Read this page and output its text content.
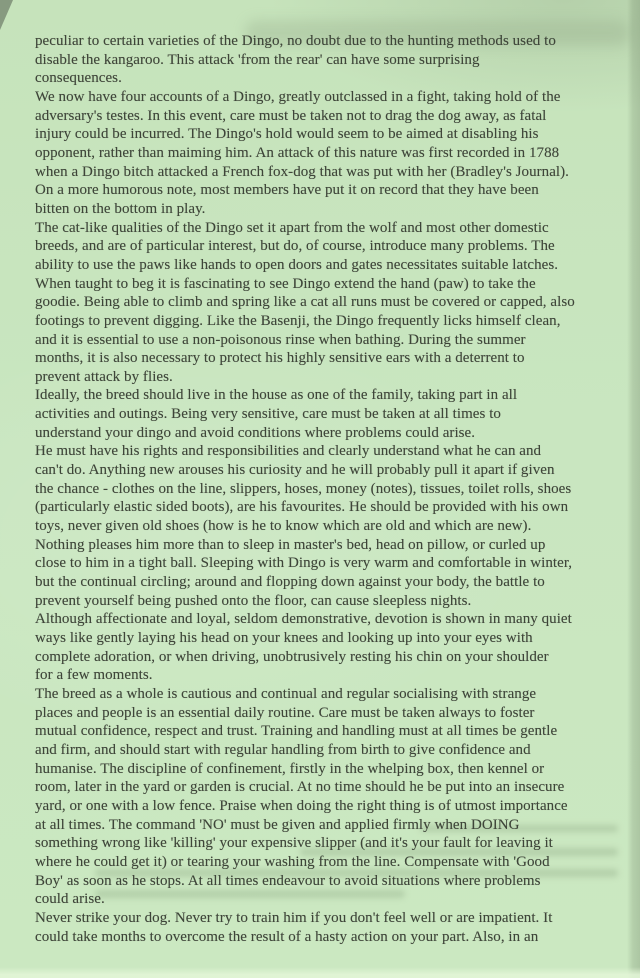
peculiar to certain varieties of the Dingo, no doubt due to the hunting methods used to
disable the kangaroo. This attack 'from the rear' can have some surprising
consequences.

We now have four accounts of a Dingo, greatly outclassed in a fight, taking hold of the
adversary's testes. In this event, care must be taken not to drag the dog away, as fatal
injury could be incurred. The Dingo's hold would seem to be aimed at disabling his
opponent, rather than maiming him. An attack of this nature was first recorded in 1788
when a Dingo bitch attacked a French fox-dog that was put with her (Bradley's Journal).
On a more humorous note, most members have put it on record that they have been
bitten on the bottom in play.

The cat-like qualities of the Dingo set it apart from the wolf and most other domestic
breeds, and are of particular interest, but do, of course, introduce many problems. The
ability to use the paws like hands to open doors and gates necessitates suitable latches.
When taught to beg it is fascinating to see Dingo extend the hand (paw) to take the
goodie. Being able to climb and spring like a cat all runs must be covered or capped, also
footings to prevent digging. Like the Basenji, the Dingo frequently licks himself clean,
and it is essential to use a non-poisonous rinse when bathing. During the summer
months, it is also necessary to protect his highly sensitive ears with a deterrent to
prevent attack by flies.

Ideally, the breed should live in the house as one of the family, taking part in all
activities and outings. Being very sensitive, care must be taken at all times to
understand your dingo and avoid conditions where problems could arise.

He must have his rights and responsibilities and clearly understand what he can and
can't do. Anything new arouses his curiosity and he will probably pull it apart if given
the chance - clothes on the line, slippers, hoses, money (notes), tissues, toilet rolls, shoes
(particularly elastic sided boots), are his favourites. He should be provided with his own
toys, never given old shoes (how is he to know which are old and which are new).
Nothing pleases him more than to sleep in master's bed, head on pillow, or curled up
close to him in a tight ball. Sleeping with Dingo is very warm and comfortable in winter,
but the continual circling; around and flopping down against your body, the battle to
prevent yourself being pushed onto the floor, can cause sleepless nights.

Although affectionate and loyal, seldom demonstrative, devotion is shown in many quiet
ways like gently laying his head on your knees and looking up into your eyes with
complete adoration, or when driving, unobtrusively resting his chin on your shoulder
for a few moments.

The breed as a whole is cautious and continual and regular socialising with strange
places and people is an essential daily routine. Care must be taken always to foster
mutual confidence, respect and trust. Training and handling must at all times be gentle
and firm, and should start with regular handling from birth to give confidence and
humanise. The discipline of confinement, firstly in the whelping box, then kennel or
room, later in the yard or garden is crucial. At no time should he be put into an insecure
yard, or one with a low fence. Praise when doing the right thing is of utmost importance
at all times. The command 'NO' must be given and applied firmly when DOING
something wrong like 'killing' your expensive slipper (and it's your fault for leaving it
where he could get it) or tearing your washing from the line. Compensate with 'Good
Boy' as soon as he stops. At all times endeavour to avoid situations where problems
could arise.

Never strike your dog. Never try to train him if you don't feel well or are impatient. It
could take months to overcome the result of a hasty action on your part. Also, in an
